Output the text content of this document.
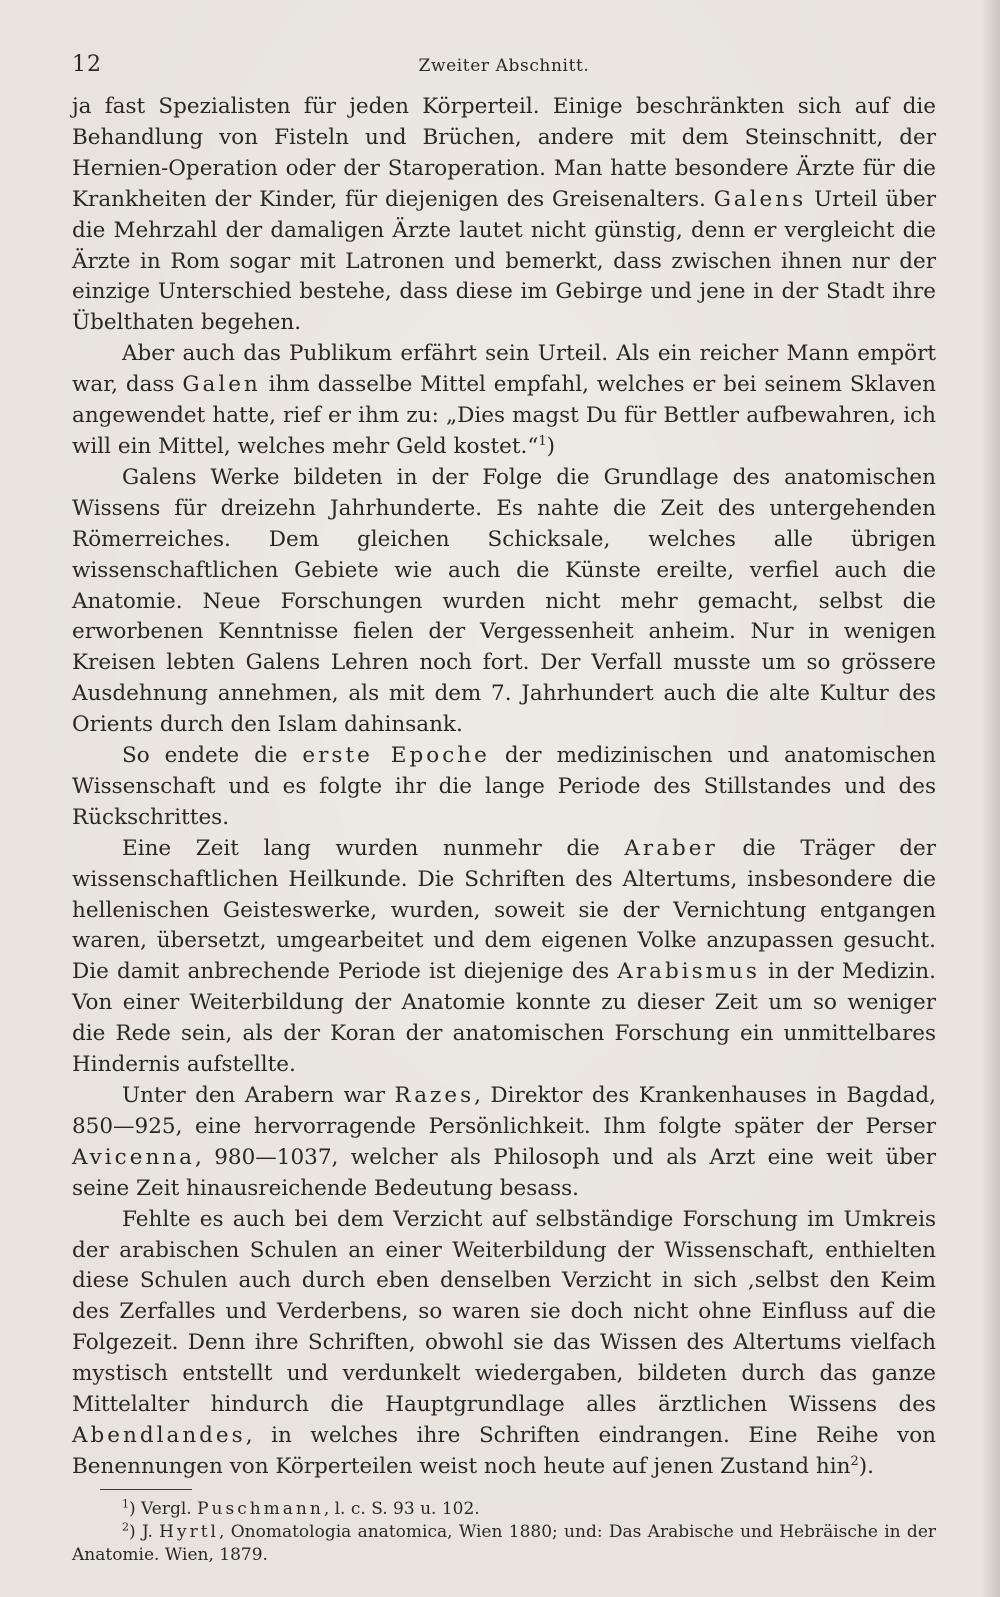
12	Zweiter Abschnitt.

ja fast Spezialisten für jeden Körperteil. Einige beschränkten sich auf die Behandlung von Fisteln und Brüchen, andere mit dem Steinschnitt, der Hernien-Operation oder der Staroperation. Man hatte besondere Ärzte für die Krankheiten der Kinder, für diejenigen des Greisenalters. Galens Urteil über die Mehrzahl der damaligen Ärzte lautet nicht günstig, denn er vergleicht die Ärzte in Rom sogar mit Latronen und bemerkt, dass zwischen ihnen nur der einzige Unterschied bestehe, dass diese im Gebirge und jene in der Stadt ihre Übelthaten begehen.

Aber auch das Publikum erfährt sein Urteil. Als ein reicher Mann empört war, dass Galen ihm dasselbe Mittel empfahl, welches er bei seinem Sklaven angewendet hatte, rief er ihm zu: „Dies magst Du für Bettler aufbewahren, ich will ein Mittel, welches mehr Geld kostet.“$^1$)

Galens Werke bildeten in der Folge die Grundlage des anatomischen Wissens für dreizehn Jahrhunderte. Es nahte die Zeit des untergehenden Römerreiches. Dem gleichen Schicksale, welches alle übrigen wissenschaftlichen Gebiete wie auch die Künste ereilte, verfiel auch die Anatomie. Neue Forschungen wurden nicht mehr gemacht, selbst die erworbenen Kenntnisse fielen der Vergessenheit anheim. Nur in wenigen Kreisen lebten Galens Lehren noch fort. Der Verfall musste um so grössere Ausdehnung annehmen, als mit dem 7. Jahrhundert auch die alte Kultur des Orients durch den Islam dahinsank.

So endete die erste Epoche der medizinischen und anatomischen Wissenschaft und es folgte ihr die lange Periode des Stillstandes und des Rückschrittes.

Eine Zeit lang wurden nunmehr die Araber die Träger der wissenschaftlichen Heilkunde. Die Schriften des Altertums, insbesondere die hellenischen Geisteswerke, wurden, soweit sie der Vernichtung entgangen waren, übersetzt, umgearbeitet und dem eigenen Volke anzupassen gesucht. Die damit anbrechende Periode ist diejenige des Arabismus in der Medizin. Von einer Weiterbildung der Anatomie konnte zu dieser Zeit um so weniger die Rede sein, als der Koran der anatomischen Forschung ein unmittelbares Hindernis aufstellte.

Unter den Arabern war Razes, Direktor des Krankenhauses in Bagdad, 850—925, eine hervorragende Persönlichkeit. Ihm folgte später der Perser Avicenna, 980—1037, welcher als Philosoph und als Arzt eine weit über seine Zeit hinausreichende Bedeutung besass.

Fehlte es auch bei dem Verzicht auf selbständige Forschung im Umkreis der arabischen Schulen an einer Weiterbildung der Wissenschaft, enthielten diese Schulen auch durch eben denselben Verzicht in sich ,selbst den Keim des Zerfalles und Verderbens, so waren sie doch nicht ohne Einfluss auf die Folgezeit. Denn ihre Schriften, obwohl sie das Wissen des Altertums vielfach mystisch entstellt und verdunkelt wiedergaben, bildeten durch das ganze Mittelalter hindurch die Hauptgrundlage alles ärztlichen Wissens des Abendlandes, in welches ihre Schriften eindrangen. Eine Reihe von Benennungen von Körperteilen weist noch heute auf jenen Zustand hin$^2$).

$^1$) Vergl. Puschmann, l. c. S. 93 u. 102.

$^2$) J. Hyrtl, Onomatologia anatomica, Wien 1880; und: Das Arabische und Hebräische in der Anatomie. Wien, 1879.
